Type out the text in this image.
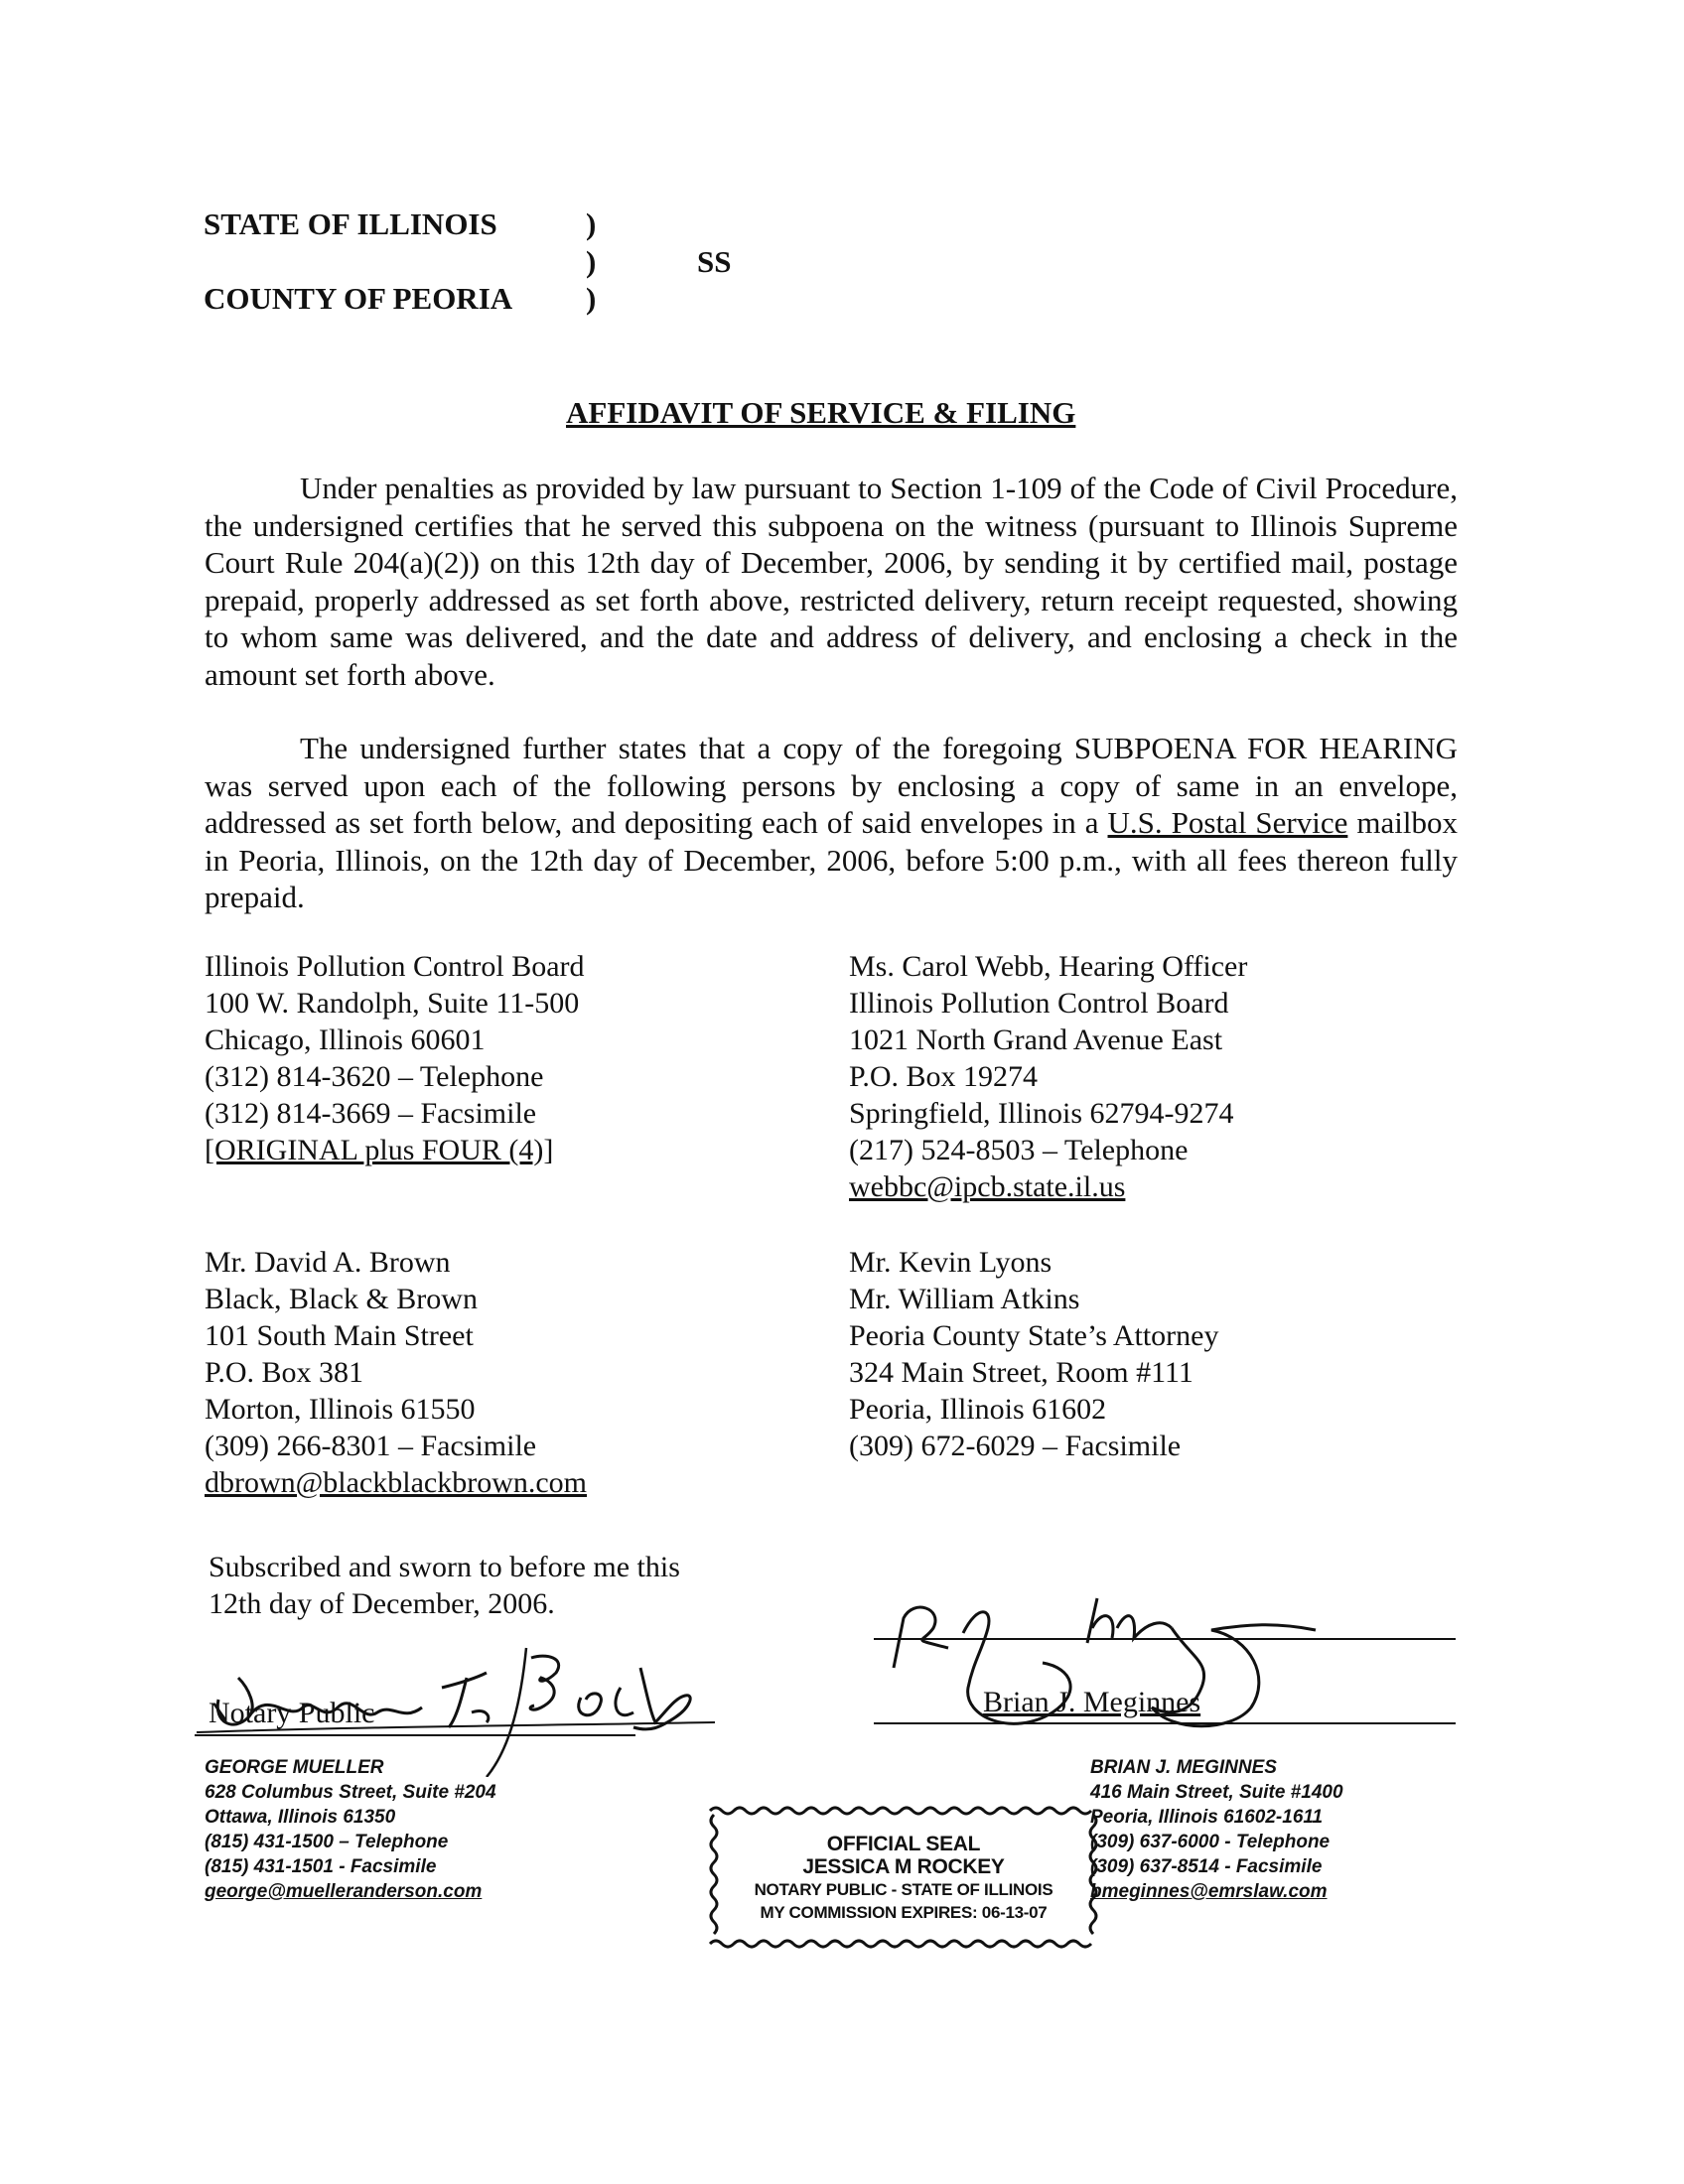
STATE OF ILLINOIS
COUNTY OF PEORIA
)
)
)
SS
AFFIDAVIT OF SERVICE & FILING
Under penalties as provided by law pursuant to Section 1-109 of the Code of Civil Procedure, the undersigned certifies that he served this subpoena on the witness (pursuant to Illinois Supreme Court Rule 204(a)(2)) on this 12th day of December, 2006, by sending it by certified mail, postage prepaid, properly addressed as set forth above, restricted delivery, return receipt requested, showing to whom same was delivered, and the date and address of delivery, and enclosing a check in the amount set forth above.
The undersigned further states that a copy of the foregoing SUBPOENA FOR HEARING was served upon each of the following persons by enclosing a copy of same in an envelope, addressed as set forth below, and depositing each of said envelopes in a U.S. Postal Service mailbox in Peoria, Illinois, on the 12th day of December, 2006, before 5:00 p.m., with all fees thereon fully prepaid.
Illinois Pollution Control Board
100 W. Randolph, Suite 11-500
Chicago, Illinois 60601
(312) 814-3620 – Telephone
(312) 814-3669 – Facsimile
[ORIGINAL plus FOUR (4)]
Ms. Carol Webb, Hearing Officer
Illinois Pollution Control Board
1021 North Grand Avenue East
P.O. Box 19274
Springfield, Illinois 62794-9274
(217) 524-8503 – Telephone
webbc@ipcb.state.il.us
Mr. David A. Brown
Black, Black & Brown
101 South Main Street
P.O. Box 381
Morton, Illinois 61550
(309) 266-8301 – Facsimile
dbrown@blackblackbrown.com
Mr. Kevin Lyons
Mr. William Atkins
Peoria County State’s Attorney
324 Main Street, Room #111
Peoria, Illinois 61602
(309) 672-6029 – Facsimile
Subscribed and sworn to before me this
12th day of December, 2006.
Notary Public	Brian J. Meginnes
GEORGE MUELLER
628 Columbus Street, Suite #204
Ottawa, Illinois 61350
(815) 431-1500 – Telephone
(815) 431-1501 - Facsimile
george@muelleranderson.com
BRIAN J. MEGINNES
416 Main Street, Suite #1400
Peoria, Illinois 61602-1611
(309) 637-6000 - Telephone
(309) 637-8514 - Facsimile
bmeginnes@emrslaw.com
OFFICIAL SEAL
JESSICA M ROCKEY
NOTARY PUBLIC - STATE OF ILLINOIS
MY COMMISSION EXPIRES: 06-13-07
